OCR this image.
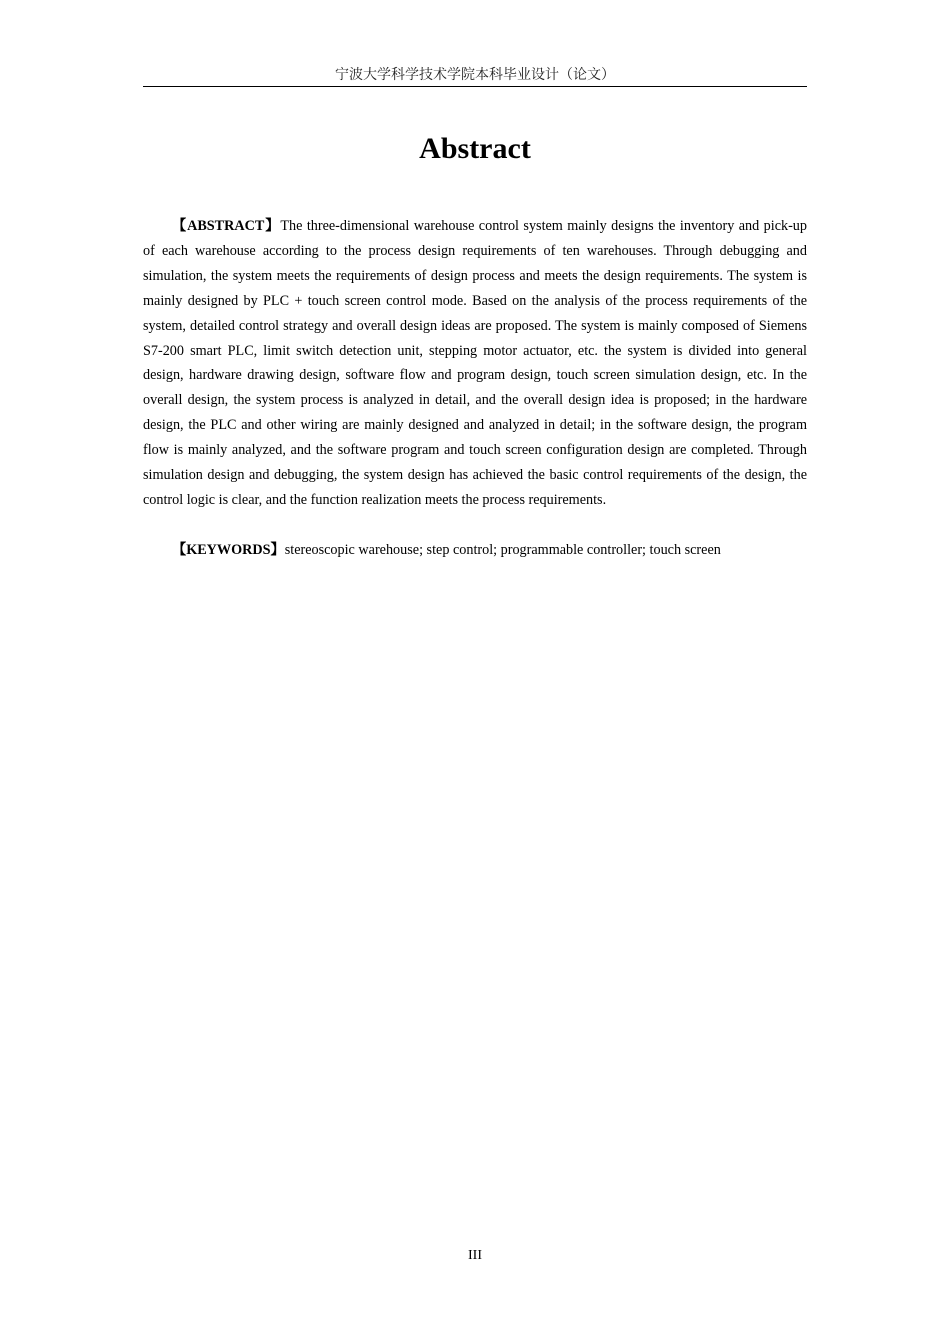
宁波大学科学技术学院本科毕业设计（论文）
Abstract

【ABSTRACT】The three-dimensional warehouse control system mainly designs the inventory and pick-up of each warehouse according to the process design requirements of ten warehouses. Through debugging and simulation, the system meets the requirements of design process and meets the design requirements. The system is mainly designed by PLC + touch screen control mode. Based on the analysis of the process requirements of the system, detailed control strategy and overall design ideas are proposed. The system is mainly composed of Siemens S7-200 smart PLC, limit switch detection unit, stepping motor actuator, etc. the system is divided into general design, hardware drawing design, software flow and program design, touch screen simulation design, etc. In the overall design, the system process is analyzed in detail, and the overall design idea is proposed; in the hardware design, the PLC and other wiring are mainly designed and analyzed in detail; in the software design, the program flow is mainly analyzed, and the software program and touch screen configuration design are completed. Through simulation design and debugging, the system design has achieved the basic control requirements of the design, the control logic is clear, and the function realization meets the process requirements.

【KEYWORDS】stereoscopic warehouse; step control; programmable controller; touch screen

III
